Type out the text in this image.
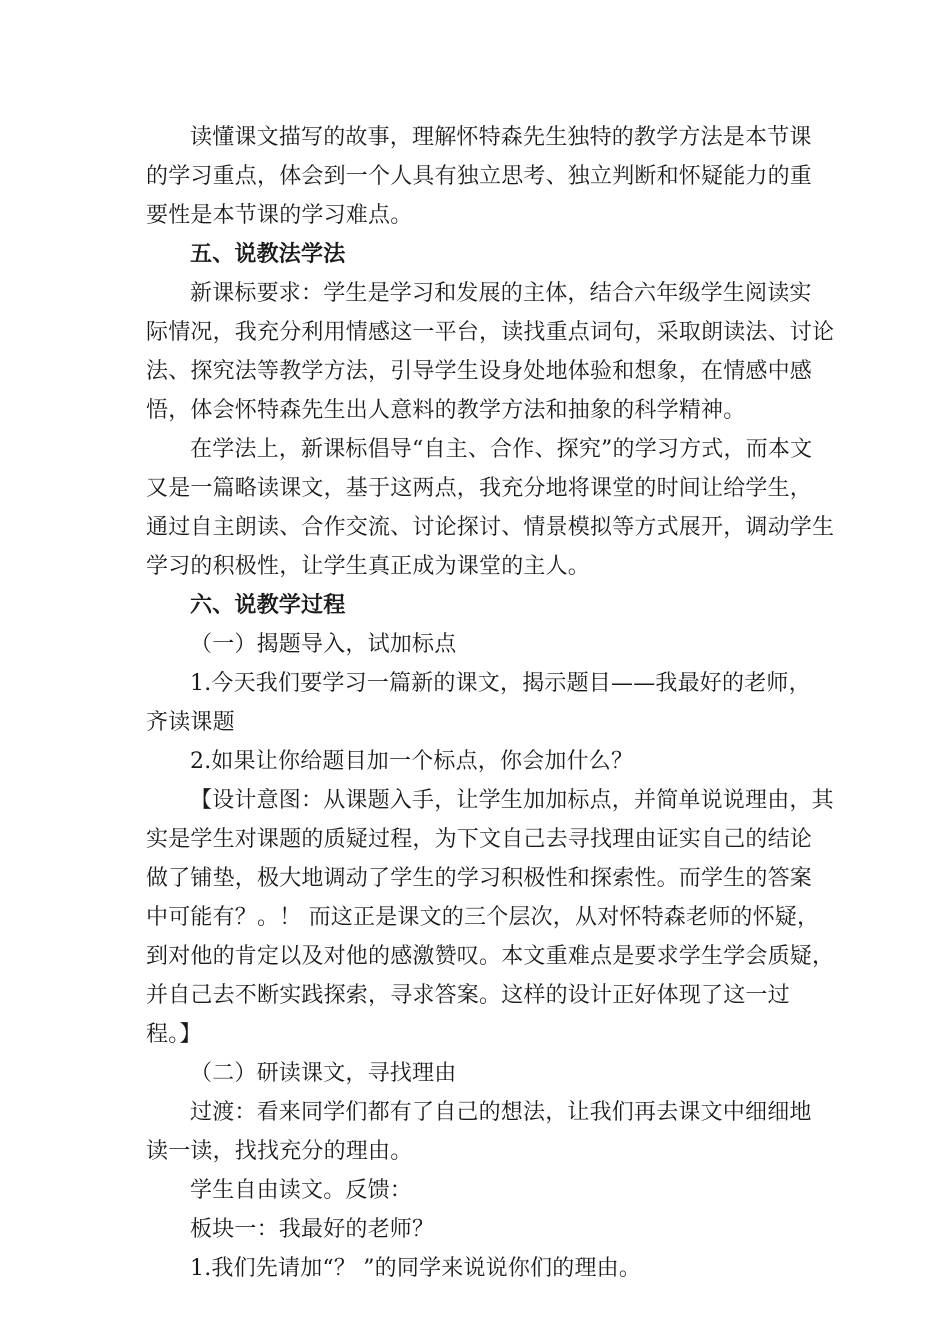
读懂课文描写的故事，理解怀特森先生独特的教学方法是本节课
的学习重点，体会到一个人具有独立思考、独立判断和怀疑能力的重
要性是本节课的学习难点。
五、说教法学法
新课标要求：学生是学习和发展的主体，结合六年级学生阅读实
际情况，我充分利用情感这一平台，读找重点词句，采取朗读法、讨论
法、探究法等教学方法，引导学生设身处地体验和想象，在情感中感
悟，体会怀特森先生出人意料的教学方法和抽象的科学精神。
在学法上，新课标倡导“自主、合作、探究”的学习方式，而本文
又是一篇略读课文，基于这两点，我充分地将课堂的时间让给学生，
通过自主朗读、合作交流、讨论探讨、情景模拟等方式展开，调动学生
学习的积极性，让学生真正成为课堂的主人。
六、说教学过程
（一）揭题导入，试加标点
1.今天我们要学习一篇新的课文，揭示题目——我最好的老师，
齐读课题
2.如果让你给题目加一个标点，你会加什么？
【设计意图：从课题入手，让学生加加标点，并简单说说理由，其
实是学生对课题的质疑过程，为下文自己去寻找理由证实自己的结论
做了铺垫，极大地调动了学生的学习积极性和探索性。而学生的答案
中可能有？。！ 而这正是课文的三个层次，从对怀特森老师的怀疑，
到对他的肯定以及对他的感激赞叹。本文重难点是要求学生学会质疑，
并自己去不断实践探索，寻求答案。这样的设计正好体现了这一过
程。】
（二）研读课文，寻找理由
过渡：看来同学们都有了自己的想法，让我们再去课文中细细地
读一读，找找充分的理由。
学生自由读文。反馈：
板块一：我最好的老师？
1.我们先请加“？ ”的同学来说说你们的理由。
